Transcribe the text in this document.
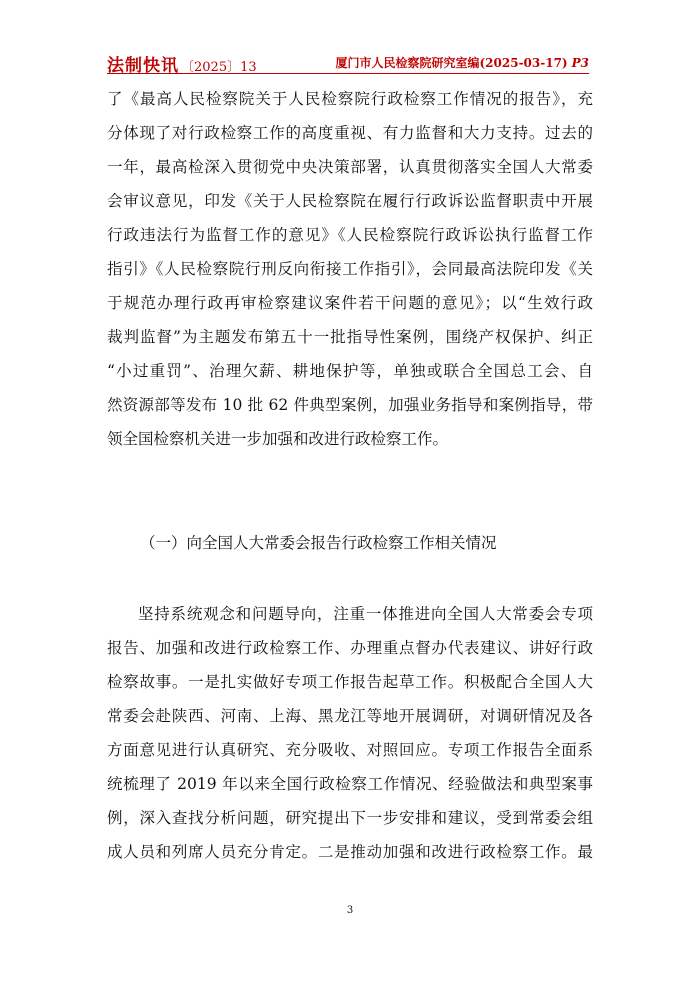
法制快讯 〔2025〕13	厦门市人民检察院研究室编(2025-03-17) P3
了《最高人民检察院关于人民检察院行政检察工作情况的报告》，充
分体现了对行政检察工作的高度重视、有力监督和大力支持。过去的
一年，最高检深入贯彻党中央决策部署，认真贯彻落实全国人大常委
会审议意见，印发《关于人民检察院在履行行政诉讼监督职责中开展
行政违法行为监督工作的意见》《人民检察院行政诉讼执行监督工作
指引》《人民检察院行刑反向衔接工作指引》，会同最高法院印发《关
于规范办理行政再审检察建议案件若干问题的意见》；以“生效行政
裁判监督”为主题发布第五十一批指导性案例，围绕产权保护、纠正
“小过重罚”、治理欠薪、耕地保护等，单独或联合全国总工会、自
然资源部等发布 10 批 62 件典型案例，加强业务指导和案例指导，带
领全国检察机关进一步加强和改进行政检察工作。
（一）向全国人大常委会报告行政检察工作相关情况
坚持系统观念和问题导向，注重一体推进向全国人大常委会专项
报告、加强和改进行政检察工作、办理重点督办代表建议、讲好行政
检察故事。一是扎实做好专项工作报告起草工作。积极配合全国人大
常委会赴陕西、河南、上海、黑龙江等地开展调研，对调研情况及各
方面意见进行认真研究、充分吸收、对照回应。专项工作报告全面系
统梳理了 2019 年以来全国行政检察工作情况、经验做法和典型案事
例，深入查找分析问题，研究提出下一步安排和建议，受到常委会组
成人员和列席人员充分肯定。二是推动加强和改进行政检察工作。最
3
